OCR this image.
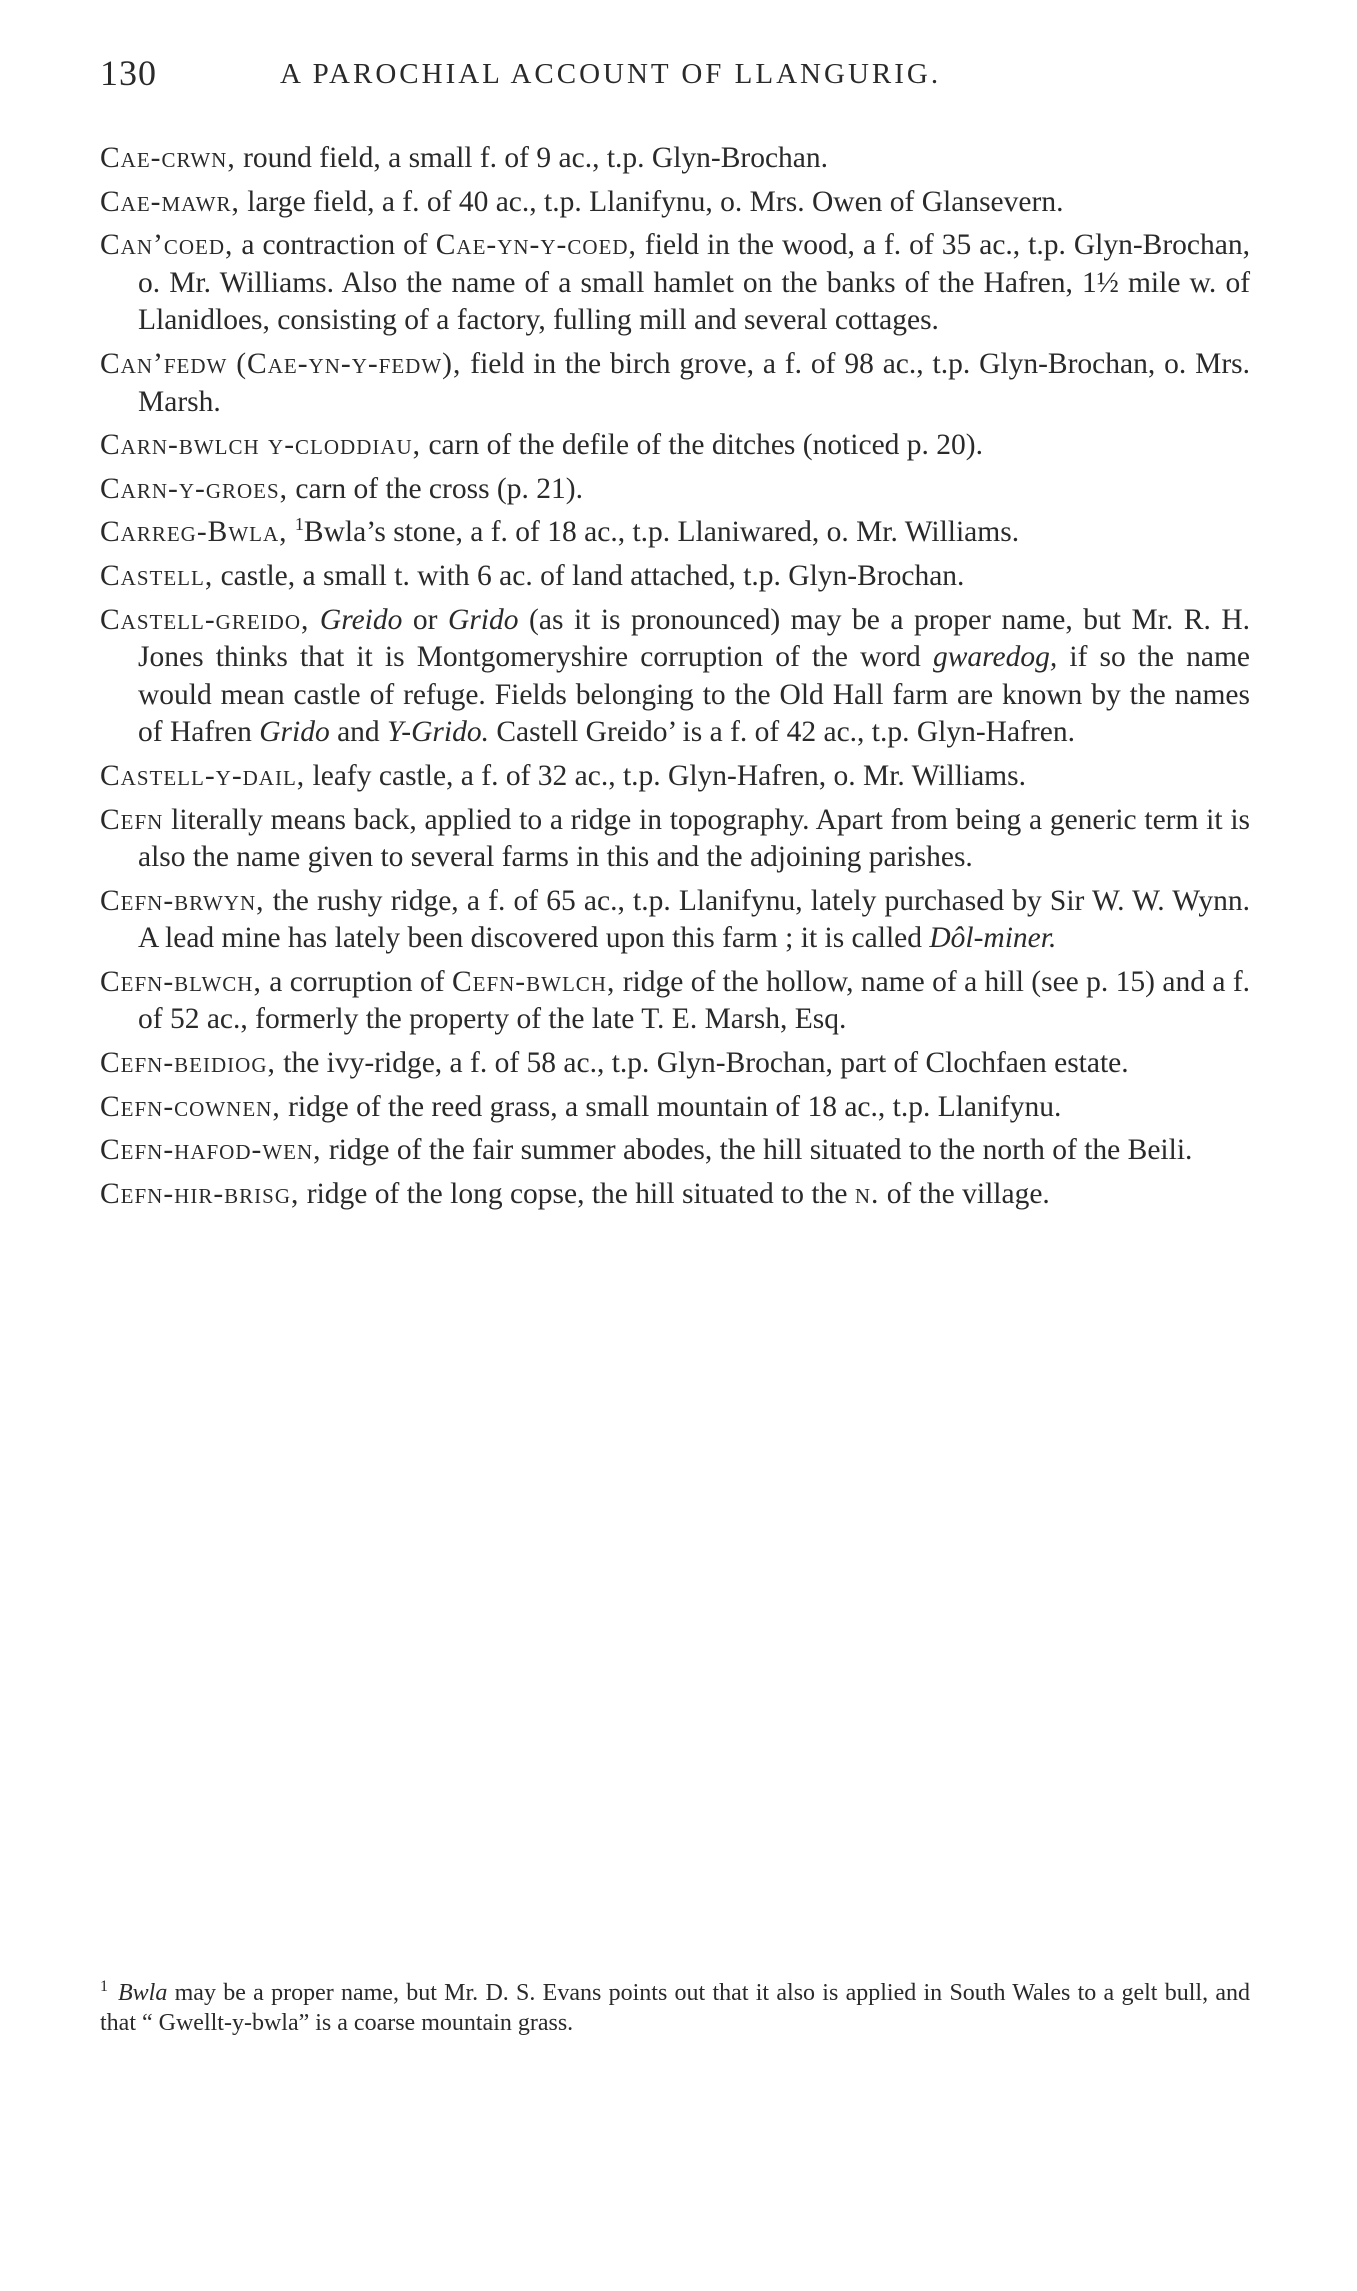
130	A PAROCHIAL ACCOUNT OF LLANGURIG.

Cae-crwn, round field, a small f. of 9 ac., t.p. Glyn-Brochan.

Cae-mawr, large field, a f. of 40 ac., t.p. Llanifynu, o. Mrs. Owen of Glansevern.

Can’coed, a contraction of Cae-yn-y-coed, field in the wood, a f. of 35 ac., t.p. Glyn-Brochan, o. Mr. Williams. Also the name of a small hamlet on the banks of the Hafren, 1½ mile w. of Llanidloes, consisting of a factory, fulling mill and several cottages.

Can’fedw (Cae-yn-y-fedw), field in the birch grove, a f. of 98 ac., t.p. Glyn-Brochan, o. Mrs. Marsh.

Carn-bwlch y-cloddiau, carn of the defile of the ditches (noticed p. 20).

Carn-y-groes, carn of the cross (p. 21).

Carreg-Bwla, $^1$Bwla’s stone, a f. of 18 ac., t.p. Llaniwared, o. Mr. Williams.

Castell, castle, a small t. with 6 ac. of land attached, t.p. Glyn-Brochan.

Castell-greido, Greido or Grido (as it is pronounced) may be a proper name, but Mr. R. H. Jones thinks that it is Montgomeryshire corruption of the word gwaredog, if so the name would mean castle of refuge. Fields belonging to the Old Hall farm are known by the names of Hafren Grido and Y-Grido. Castell Greido’ is a f. of 42 ac., t.p. Glyn-Hafren.

Castell-y-dail, leafy castle, a f. of 32 ac., t.p. Glyn-Hafren, o. Mr. Williams.

Cefn literally means back, applied to a ridge in topography. Apart from being a generic term it is also the name given to several farms in this and the adjoining parishes.

Cefn-brwyn, the rushy ridge, a f. of 65 ac., t.p. Llanifynu, lately purchased by Sir W. W. Wynn. A lead mine has lately been discovered upon this farm ; it is called Dôl-miner.

Cefn-blwch, a corruption of Cefn-bwlch, ridge of the hollow, name of a hill (see p. 15) and a f. of 52 ac., formerly the property of the late T. E. Marsh, Esq.

Cefn-beidiog, the ivy-ridge, a f. of 58 ac., t.p. Glyn-Brochan, part of Clochfaen estate.

Cefn-cownen, ridge of the reed grass, a small mountain of 18 ac., t.p. Llanifynu.

Cefn-hafod-wen, ridge of the fair summer abodes, the hill situated to the north of the Beili.

Cefn-hir-brisg, ridge of the long copse, the hill situated to the n. of the village.

$^1$ Bwla may be a proper name, but Mr. D. S. Evans points out that it also is applied in South Wales to a gelt bull, and that “ Gwellt-y-bwla” is a coarse mountain grass.
